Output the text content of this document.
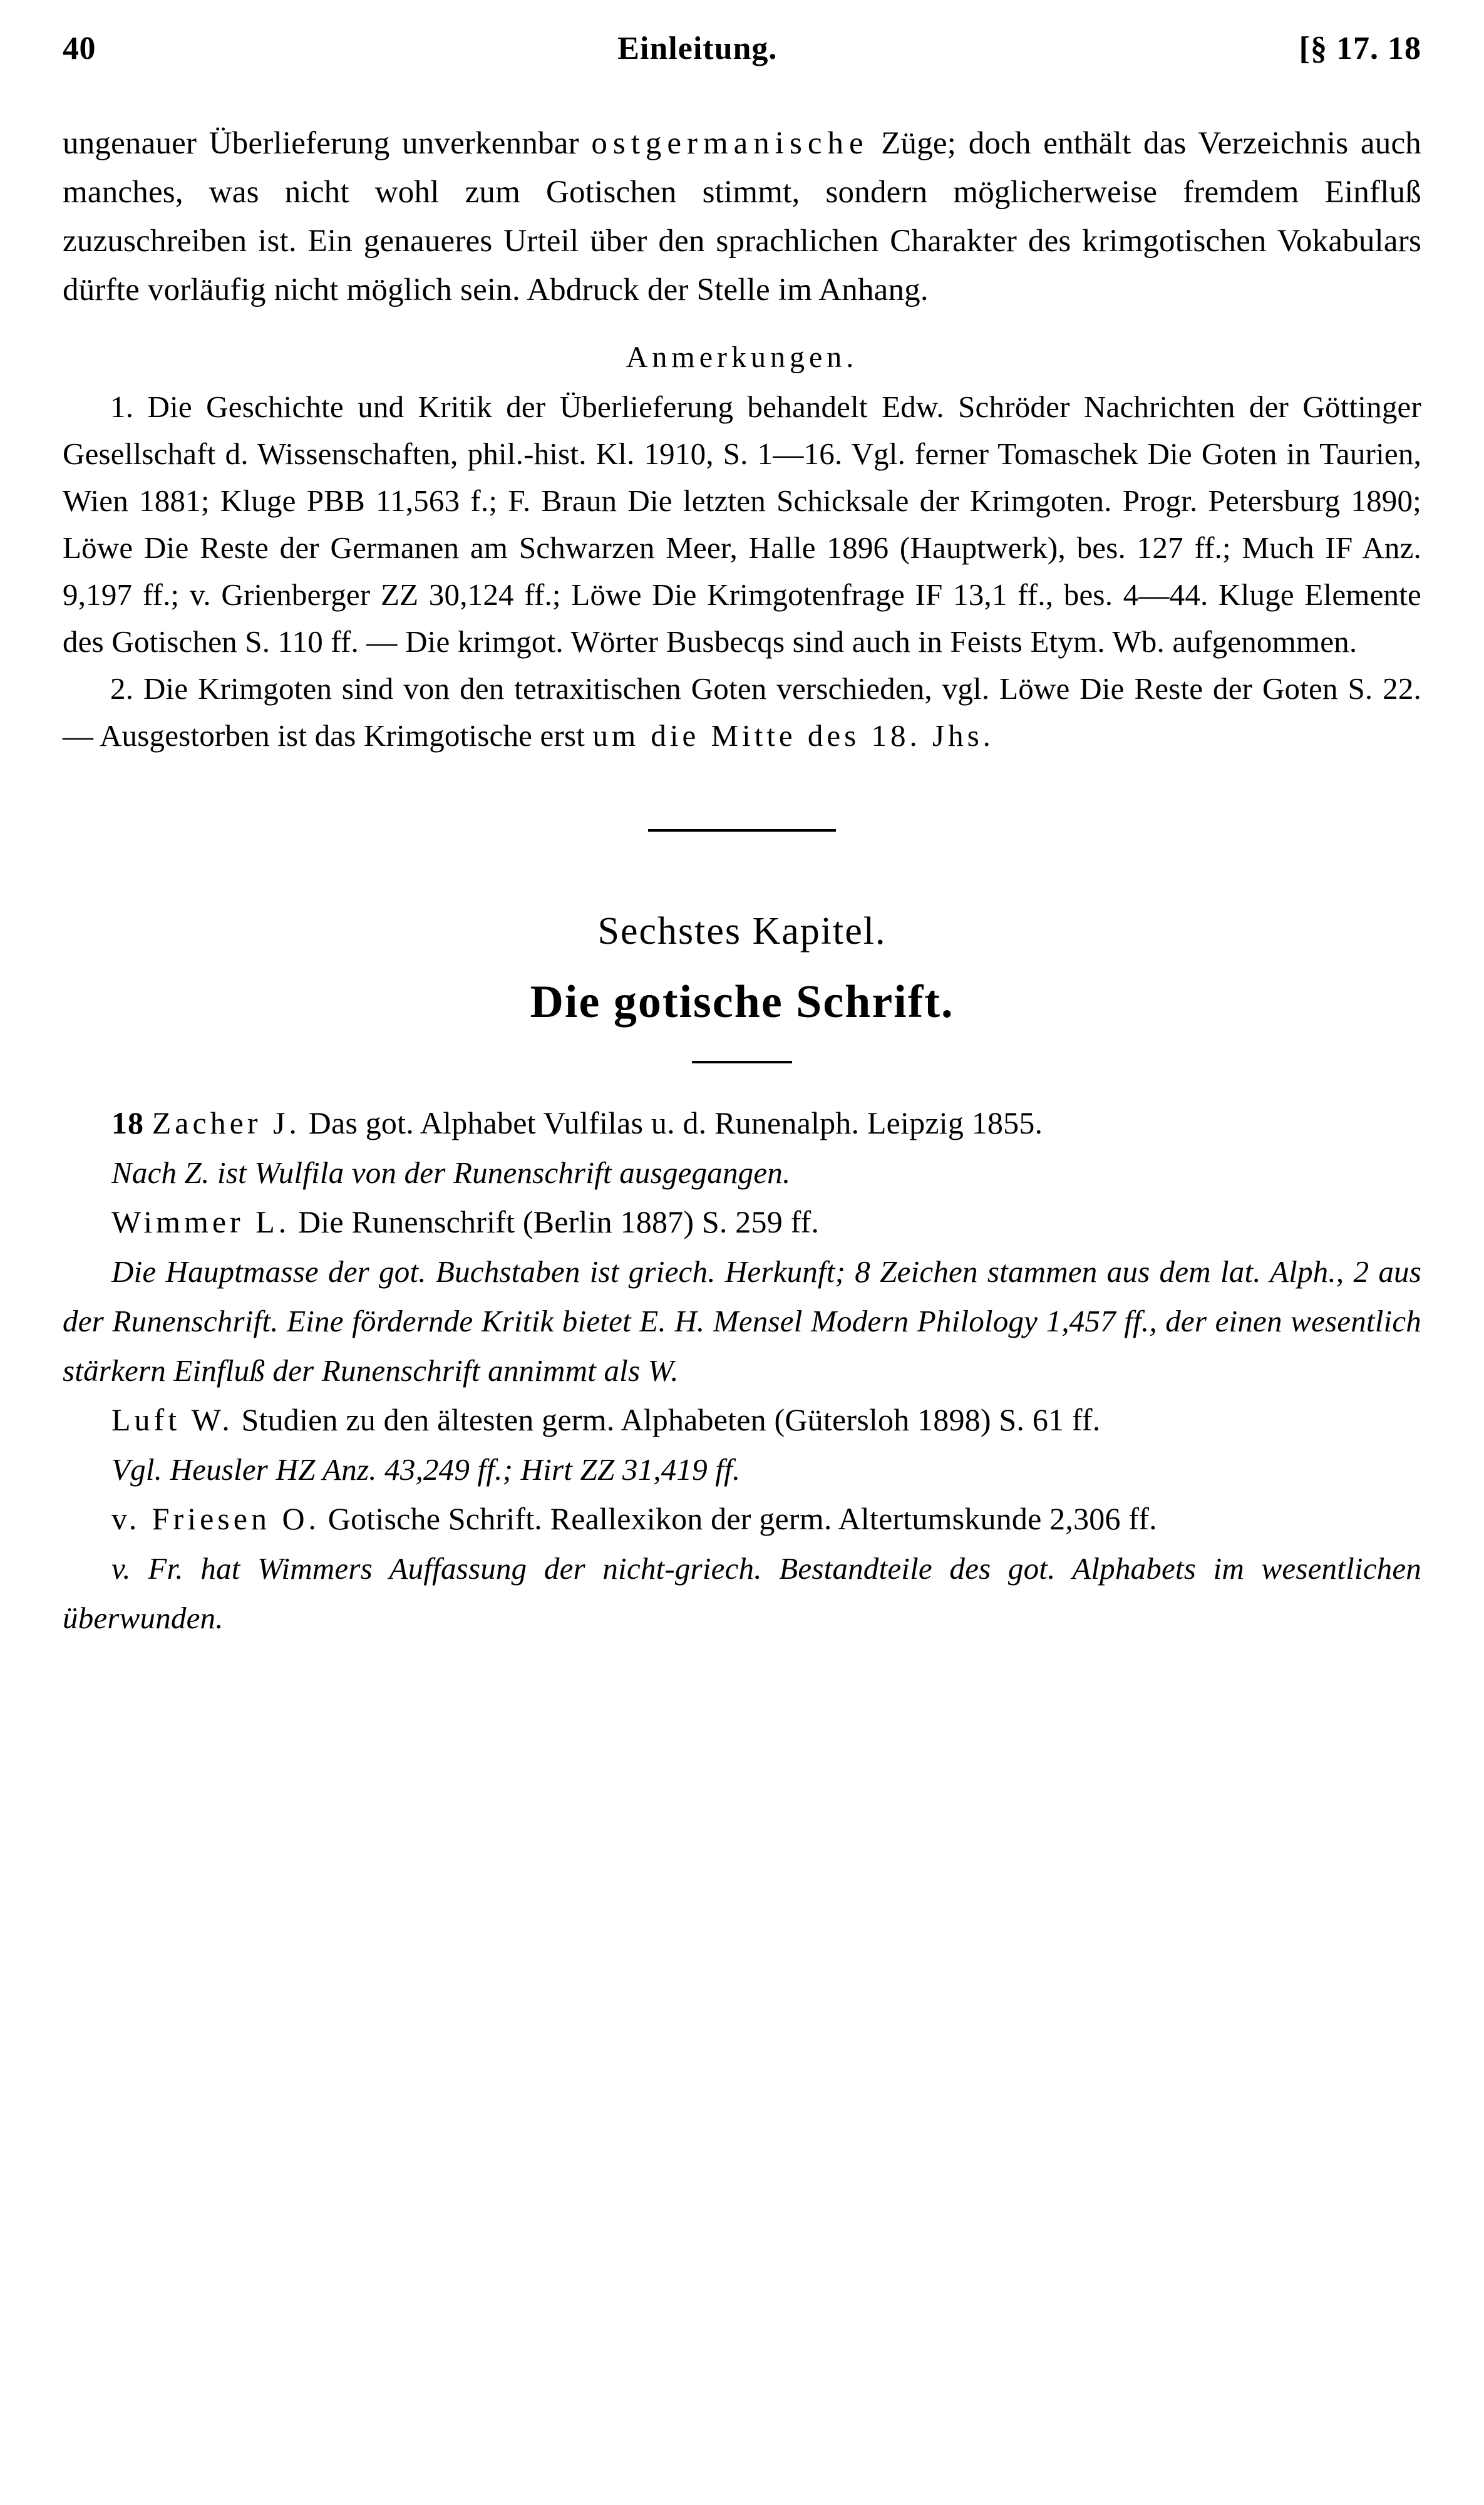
40	Einleitung.	[§ 17. 18

ungenauer Überlieferung unverkennbar ostgermanische Züge; doch enthält das Verzeichnis auch manches, was nicht wohl zum Gotischen stimmt, sondern möglicherweise fremdem Einfluß zuzuschreiben ist. Ein genaueres Urteil über den sprachlichen Charakter des krimgotischen Vokabulars dürfte vorläufig nicht möglich sein. Abdruck der Stelle im Anhang.

Anmerkungen.

1. Die Geschichte und Kritik der Überlieferung behandelt Edw. Schröder Nachrichten der Göttinger Gesellschaft d. Wissenschaften, phil.-hist. Kl. 1910, S. 1—16. Vgl. ferner Tomaschek Die Goten in Taurien, Wien 1881; Kluge PBB 11,563 f.; F. Braun Die letzten Schicksale der Krimgoten. Progr. Petersburg 1890; Löwe Die Reste der Germanen am Schwarzen Meer, Halle 1896 (Hauptwerk), bes. 127 ff.; Much IF Anz. 9,197 ff.; v. Grienberger ZZ 30,124 ff.; Löwe Die Krimgotenfrage IF 13,1 ff., bes. 4—44. Kluge Elemente des Gotischen S. 110 ff. — Die krimgot. Wörter Busbecqs sind auch in Feists Etym. Wb. aufgenommen.

2. Die Krimgoten sind von den tetraxitischen Goten verschieden, vgl. Löwe Die Reste der Goten S. 22. — Ausgestorben ist das Krimgotische erst um die Mitte des 18. Jhs.

Sechstes Kapitel.
Die gotische Schrift.

18 Zacher J. Das got. Alphabet Vulfilas u. d. Runenalph. Leipzig 1855.

Nach Z. ist Wulfila von der Runenschrift ausgegangen.

Wimmer L. Die Runenschrift (Berlin 1887) S. 259 ff.

Die Hauptmasse der got. Buchstaben ist griech. Herkunft; 8 Zeichen stammen aus dem lat. Alph., 2 aus der Runenschrift. Eine fördernde Kritik bietet E. H. Mensel Modern Philology 1,457 ff., der einen wesentlich stärkern Einfluß der Runenschrift annimmt als W.

Luft W. Studien zu den ältesten germ. Alphabeten (Gütersloh 1898) S. 61 ff.

Vgl. Heusler HZ Anz. 43,249 ff.; Hirt ZZ 31,419 ff.

v. Friesen O. Gotische Schrift. Reallexikon der germ. Altertumskunde 2,306 ff.

v. Fr. hat Wimmers Auffassung der nicht-griech. Bestandteile des got. Alphabets im wesentlichen überwunden.
